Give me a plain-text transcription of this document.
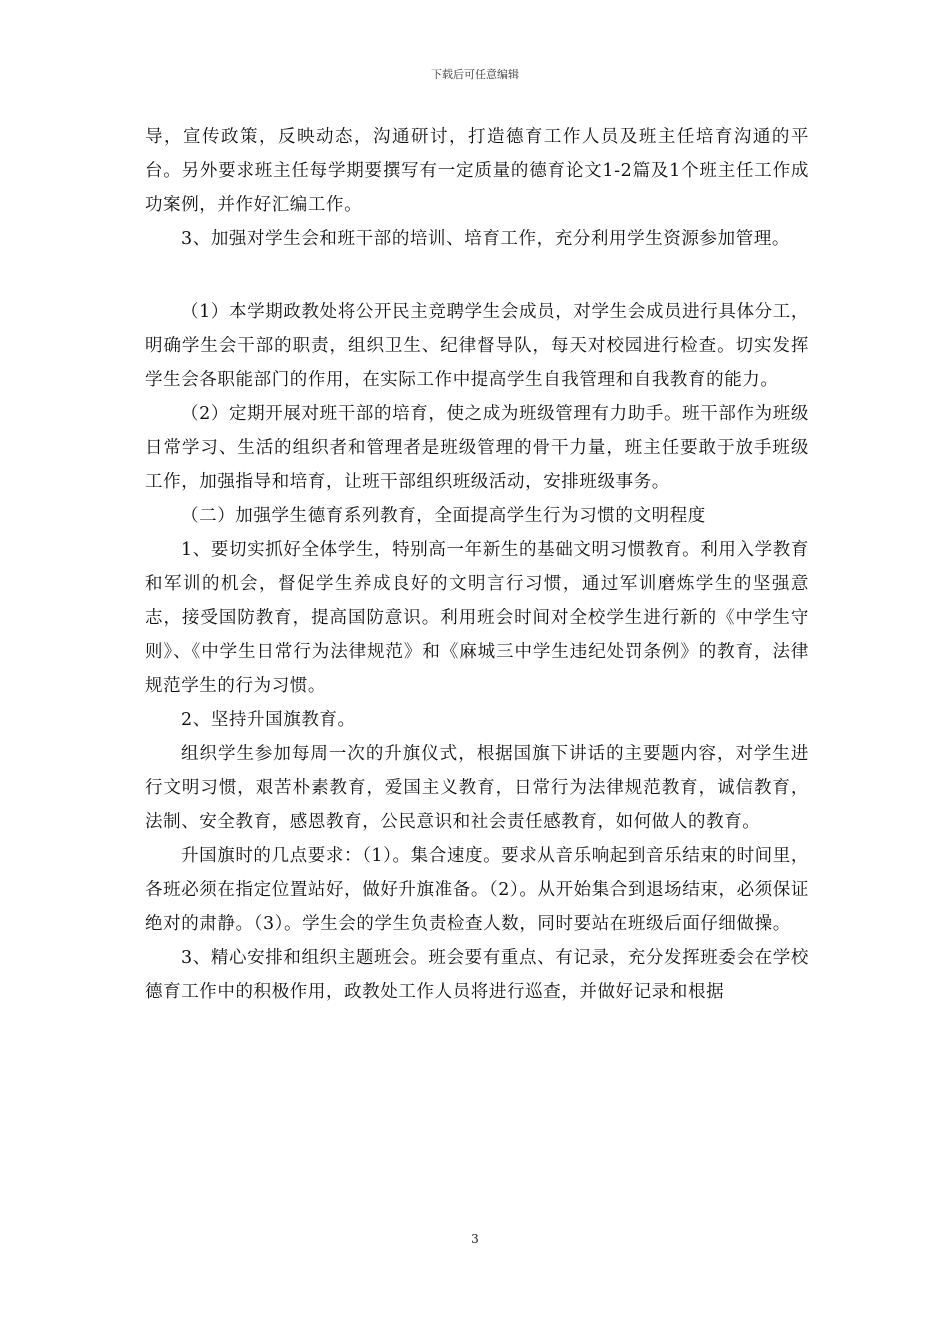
下载后可任意编辑

导，宣传政策，反映动态，沟通研讨，打造德育工作人员及班主任培育沟通的平台。另外要求班主任每学期要撰写有一定质量的德育论文1-2篇及1个班主任工作成功案例，并作好汇编工作。

3、加强对学生会和班干部的培训、培育工作，充分利用学生资源参加管理。

（1）本学期政教处将公开民主竞聘学生会成员，对学生会成员进行具体分工，明确学生会干部的职责，组织卫生、纪律督导队，每天对校园进行检查。切实发挥学生会各职能部门的作用，在实际工作中提高学生自我管理和自我教育的能力。

（2）定期开展对班干部的培育，使之成为班级管理有力助手。班干部作为班级日常学习、生活的组织者和管理者是班级管理的骨干力量，班主任要敢于放手班级工作，加强指导和培育，让班干部组织班级活动，安排班级事务。

（二）加强学生德育系列教育，全面提高学生行为习惯的文明程度

1、要切实抓好全体学生，特别高一年新生的基础文明习惯教育。利用入学教育和军训的机会，督促学生养成良好的文明言行习惯，通过军训磨炼学生的坚强意志，接受国防教育，提高国防意识。利用班会时间对全校学生进行新的《中学生守则》、《中学生日常行为法律规范》和《麻城三中学生违纪处罚条例》的教育，法律规范学生的行为习惯。

2、坚持升国旗教育。

组织学生参加每周一次的升旗仪式，根据国旗下讲话的主要题内容，对学生进行文明习惯，艰苦朴素教育，爱国主义教育，日常行为法律规范教育，诚信教育，法制、安全教育，感恩教育，公民意识和社会责任感教育，如何做人的教育。

升国旗时的几点要求：（1）。集合速度。要求从音乐响起到音乐结束的时间里，各班必须在指定位置站好，做好升旗准备。（2）。从开始集合到退场结束，必须保证绝对的肃静。（3）。学生会的学生负责检查人数，同时要站在班级后面仔细做操。

3、精心安排和组织主题班会。班会要有重点、有记录，充分发挥班委会在学校德育工作中的积极作用，政教处工作人员将进行巡查，并做好记录和根据

3
